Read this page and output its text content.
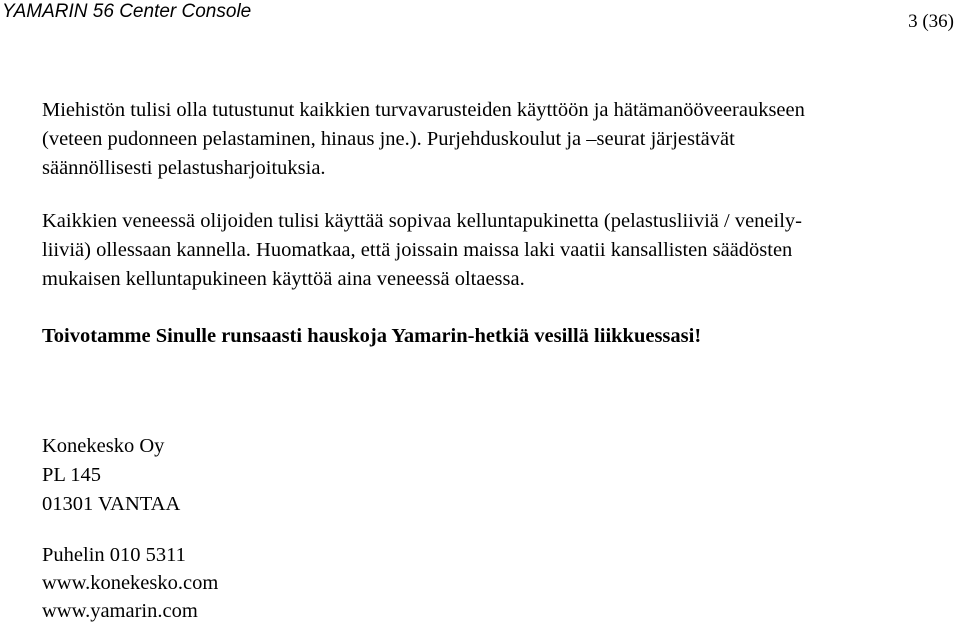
YAMARIN 56 Center Console	3 (36)

Miehistön tulisi olla tutustunut kaikkien turvavarusteiden käyttöön ja hätämanööveeraukseen
(veteen pudonneen pelastaminen, hinaus jne.). Purjehduskoulut ja –seurat järjestävät
säännöllisesti pelastusharjoituksia.

Kaikkien veneessä olijoiden tulisi käyttää sopivaa kelluntapukinetta (pelastusliiviä / veneily-
liiviä) ollessaan kannella. Huomatkaa, että joissain maissa laki vaatii kansallisten säädösten
mukaisen kelluntapukineen käyttöä aina veneessä oltaessa.

Toivotamme Sinulle runsaasti hauskoja Yamarin-hetkiä vesillä liikkuessasi!

Konekesko Oy
PL 145
01301 VANTAA

Puhelin 010 5311
www.konekesko.com
www.yamarin.com
